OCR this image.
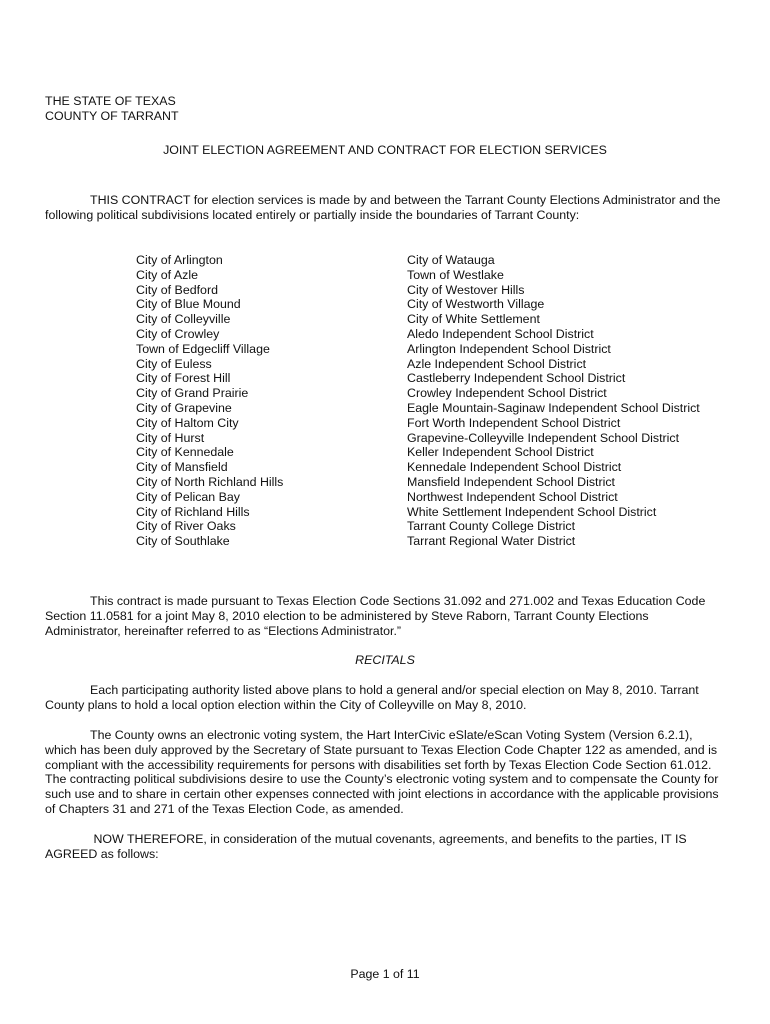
THE STATE OF TEXAS
COUNTY OF TARRANT
JOINT ELECTION AGREEMENT AND CONTRACT FOR ELECTION SERVICES

THIS CONTRACT for election services is made by and between the Tarrant County Elections Administrator and the following political subdivisions located entirely or partially inside the boundaries of Tarrant County:

City of Arlington
City of Azle
City of Bedford
City of Blue Mound
City of Colleyville
City of Crowley
Town of Edgecliff Village
City of Euless
City of Forest Hill
City of Grand Prairie
City of Grapevine
City of Haltom City
City of Hurst
City of Kennedale
City of Mansfield
City of North Richland Hills
City of Pelican Bay
City of Richland Hills
City of River Oaks
City of Southlake
City of Watauga
Town of Westlake
City of Westover Hills
City of Westworth Village
City of White Settlement
Aledo Independent School District
Arlington Independent School District
Azle Independent School District
Castleberry Independent School District
Crowley Independent School District
Eagle Mountain-Saginaw Independent School District
Fort Worth Independent School District
Grapevine-Colleyville Independent School District
Keller Independent School District
Kennedale Independent School District
Mansfield Independent School District
Northwest Independent School District
White Settlement Independent School District
Tarrant County College District
Tarrant Regional Water District

This contract is made pursuant to Texas Election Code Sections 31.092 and 271.002 and Texas Education Code Section 11.0581 for a joint May 8, 2010 election to be administered by Steve Raborn, Tarrant County Elections Administrator, hereinafter referred to as “Elections Administrator.”

RECITALS

Each participating authority listed above plans to hold a general and/or special election on May 8, 2010. Tarrant County plans to hold a local option election within the City of Colleyville on May 8, 2010.

The County owns an electronic voting system, the Hart InterCivic eSlate/eScan Voting System (Version 6.2.1), which has been duly approved by the Secretary of State pursuant to Texas Election Code Chapter 122 as amended, and is compliant with the accessibility requirements for persons with disabilities set forth by Texas Election Code Section 61.012. The contracting political subdivisions desire to use the County’s electronic voting system and to compensate the County for such use and to share in certain other expenses connected with joint elections in accordance with the applicable provisions of Chapters 31 and 271 of the Texas Election Code, as amended.

NOW THEREFORE, in consideration of the mutual covenants, agreements, and benefits to the parties, IT IS AGREED as follows:

Page 1 of 11
